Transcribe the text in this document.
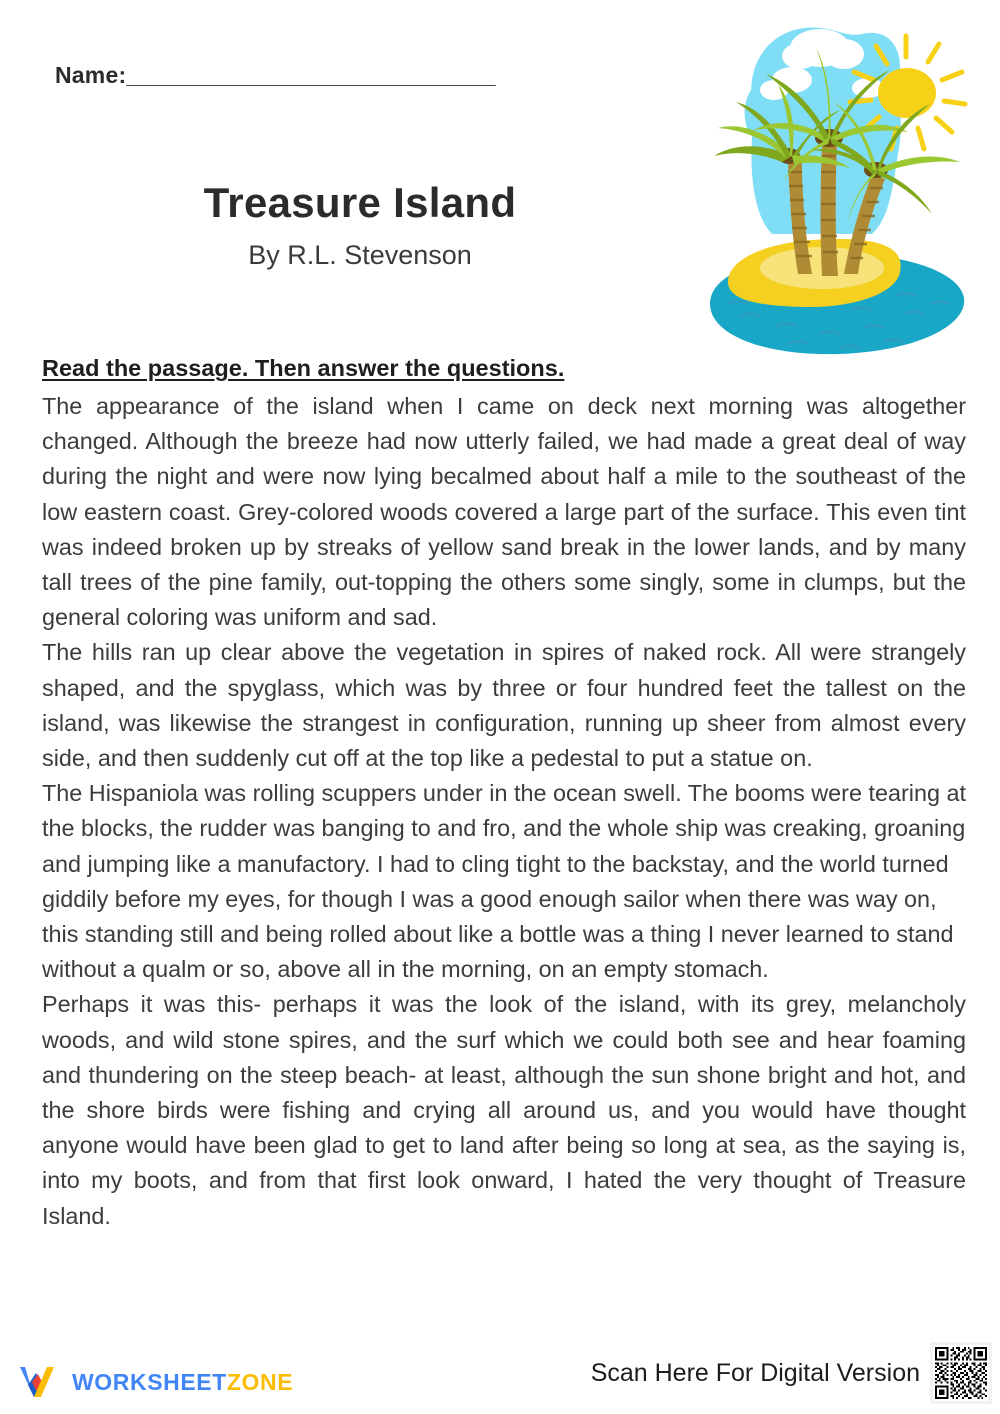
Name:______________________________
Treasure Island
By R.L. Stevenson
Read the passage. Then answer the questions.

The appearance of the island when I came on deck next morning was altogether changed. Although the breeze had now utterly failed, we had made a great deal of way during the night and were now lying becalmed about half a mile to the southeast of the low eastern coast. Grey-colored woods covered a large part of the surface. This even tint was indeed broken up by streaks of yellow sand break in the lower lands, and by many tall trees of the pine family, out-topping the others some singly, some in clumps, but the general coloring was uniform and sad.

The hills ran up clear above the vegetation in spires of naked rock. All were strangely shaped, and the spyglass, which was by three or four hundred feet the tallest on the island, was likewise the strangest in configuration, running up sheer from almost every side, and then suddenly cut off at the top like a pedestal to put a statue on.

The Hispaniola was rolling scuppers under in the ocean swell. The booms were tearing at the blocks, the rudder was banging to and fro, and the whole ship was creaking, groaning and jumping like a manufactory. I had to cling tight to the backstay, and the world turned giddily before my eyes, for though I was a good enough sailor when there was way on, this standing still and being rolled about like a bottle was a thing I never learned to stand without a qualm or so, above all in the morning, on an empty stomach.

Perhaps it was this- perhaps it was the look of the island, with its grey, melancholy woods, and wild stone spires, and the surf which we could both see and hear foaming and thundering on the steep beach- at least, although the sun shone bright and hot, and the shore birds were fishing and crying all around us, and you would have thought anyone would have been glad to get to land after being so long at sea, as the saying is, into my boots, and from that first look onward, I hated the very thought of Treasure Island.

WORKSHEETZONE	Scan Here For Digital Version
